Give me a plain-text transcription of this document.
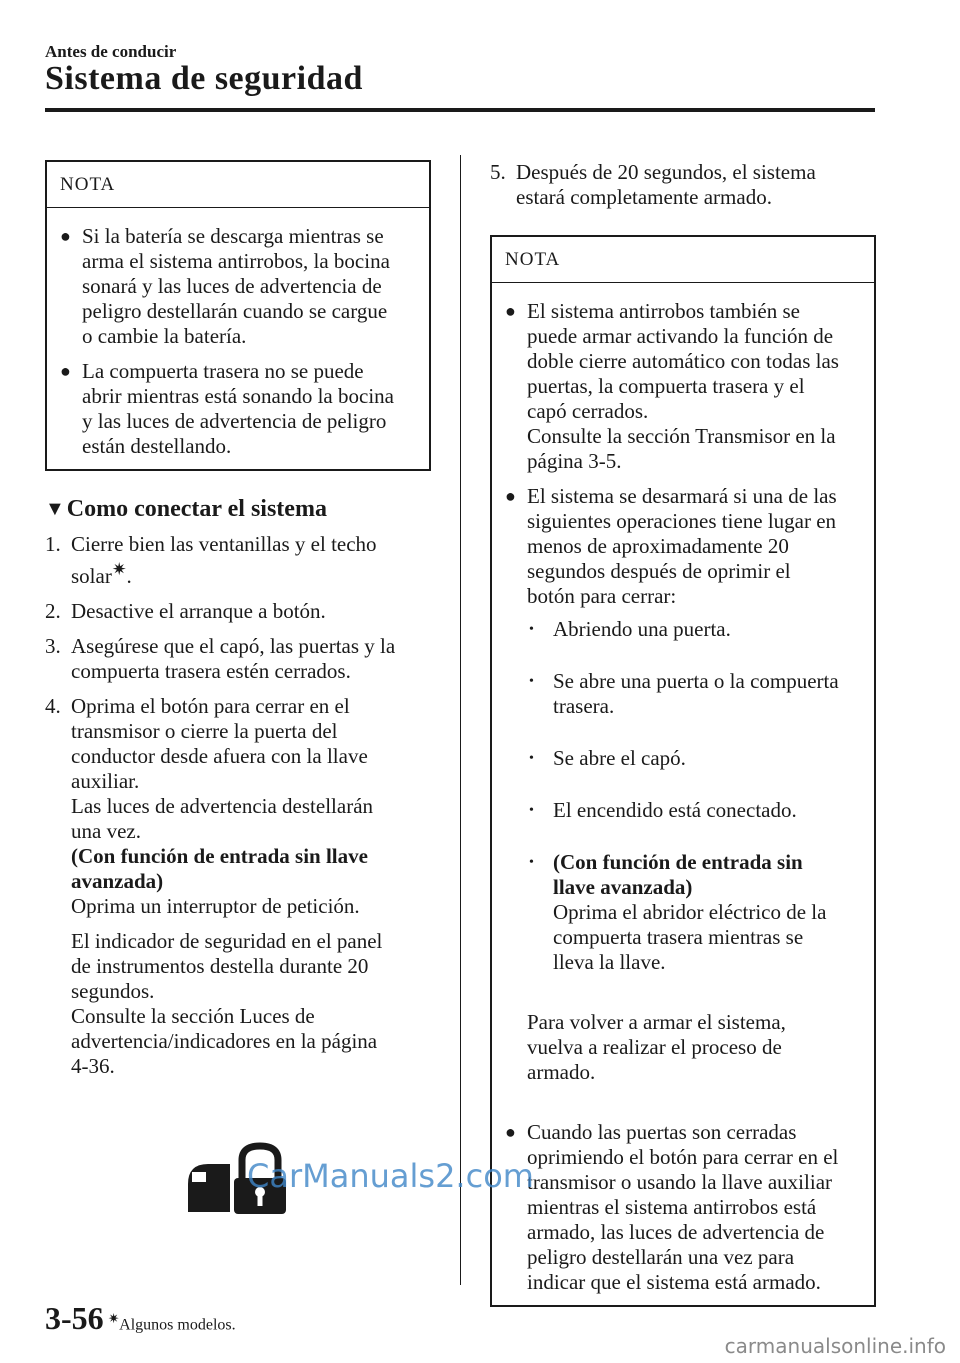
Antes de conducir
Sistema de seguridad
NOTA
● Si la batería se descarga mientras se
arma el sistema antirrobos, la bocina
sonará y las luces de advertencia de
peligro destellarán cuando se cargue
o cambie la batería.
● La compuerta trasera no se puede
abrir mientras está sonando la bocina
y las luces de advertencia de peligro
están destellando.
▼ Como conectar el sistema
1. Cierre bien las ventanillas y el techo
solar✷.
2. Desactive el arranque a botón.
3. Asegúrese que el capó, las puertas y la
compuerta trasera estén cerrados.
4. Oprima el botón para cerrar en el
transmisor o cierre la puerta del
conductor desde afuera con la llave
auxiliar.
Las luces de advertencia destellarán
una vez.
(Con función de entrada sin llave
avanzada)
Oprima un interruptor de petición.
El indicador de seguridad en el panel
de instrumentos destella durante 20
segundos.
Consulte la sección Luces de
advertencia/indicadores en la página
4-36.
5. Después de 20 segundos, el sistema
estará completamente armado.
NOTA
● El sistema antirrobos también se
puede armar activando la función de
doble cierre automático con todas las
puertas, la compuerta trasera y el
capó cerrados.
Consulte la sección Transmisor en la
página 3-5.
● El sistema se desarmará si una de las
siguientes operaciones tiene lugar en
menos de aproximadamente 20
segundos después de oprimir el
botón para cerrar:

• Abriendo una puerta.

• Se abre una puerta o la compuerta
trasera.

• Se abre el capó.

• El encendido está conectado.

• (Con función de entrada sin
llave avanzada)
Oprima el abridor eléctrico de la
compuerta trasera mientras se
lleva la llave.

Para volver a armar el sistema,
vuelva a realizar el proceso de
armado.

● Cuando las puertas son cerradas
oprimiendo el botón para cerrar en el
transmisor o usando la llave auxiliar
mientras el sistema antirrobos está
armado, las luces de advertencia de
peligro destellarán una vez para
indicar que el sistema está armado.
CarManuals2.com
3-56 ✷Algunos modelos.
carmanualsonline.info
